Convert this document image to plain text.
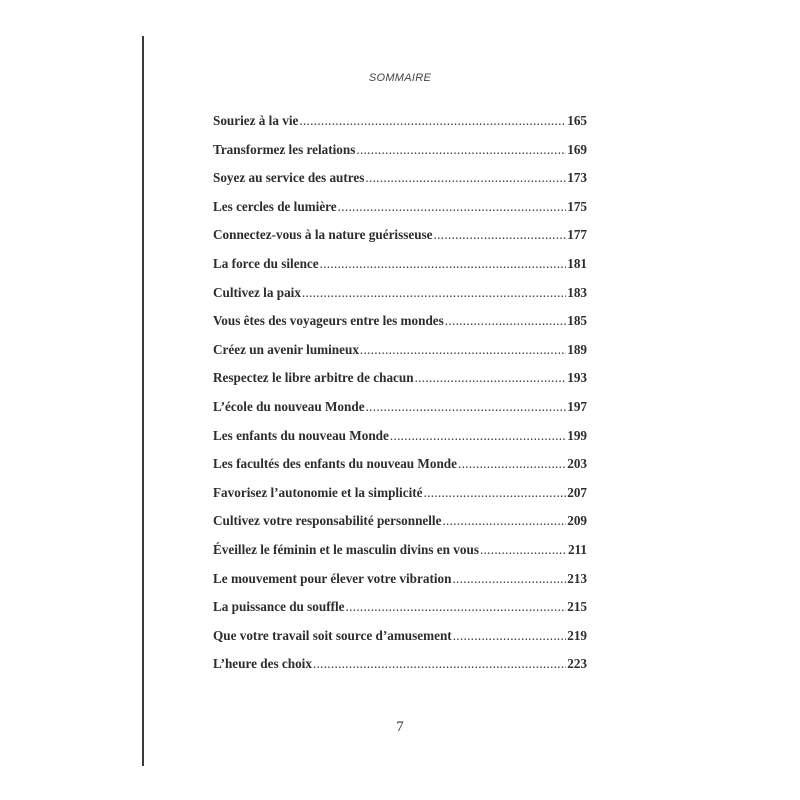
SOMMAIRE
Souriez à la vie . . .	165
Transformez les relations . . .	169
Soyez au service des autres . . .	173
Les cercles de lumière . . .	175
Connectez-vous à la nature guérisseuse . . .	177
La force du silence . . .	181
Cultivez la paix . . .	183
Vous êtes des voyageurs entre les mondes . . .	185
Créez un avenir lumineux . . .	189
Respectez le libre arbitre de chacun . . .	193
L’école du nouveau Monde . . .	197
Les enfants du nouveau Monde . . .	199
Les facultés des enfants du nouveau Monde . . .	203
Favorisez l’autonomie et la simplicité . . .	207
Cultivez votre responsabilité personnelle . . .	209
Éveillez le féminin et le masculin divins en vous . . .	211
Le mouvement pour élever votre vibration . . .	213
La puissance du souffle . . .	215
Que votre travail soit source d’amusement . . .	219
L’heure des choix . . .	223
7
